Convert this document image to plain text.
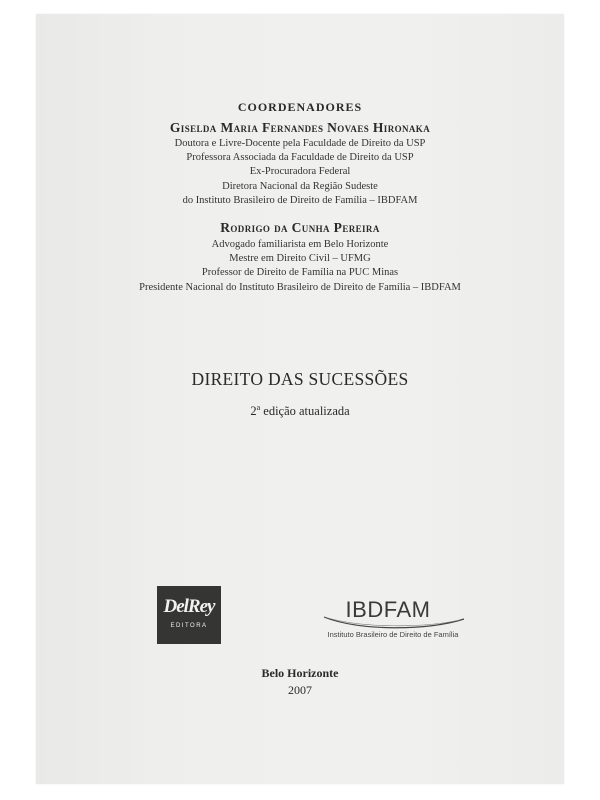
COORDENADORES
Giselda Maria Fernandes Novaes Hironaka
Doutora e Livre-Docente pela Faculdade de Direito da USP
Professora Associada da Faculdade de Direito da USP
Ex-Procuradora Federal
Diretora Nacional da Região Sudeste
do Instituto Brasileiro de Direito de Família – IBDFAM
Rodrigo da Cunha Pereira
Advogado familiarista em Belo Horizonte
Mestre em Direito Civil – UFMG
Professor de Direito de Família na PUC Minas
Presidente Nacional do Instituto Brasileiro de Direito de Família – IBDFAM
DIREITO DAS SUCESSÕES
2$^a$ edição atualizada
DelRey
EDITORA
IBDFAM
Instituto Brasileiro de Direito de Família
Belo Horizonte
2007
